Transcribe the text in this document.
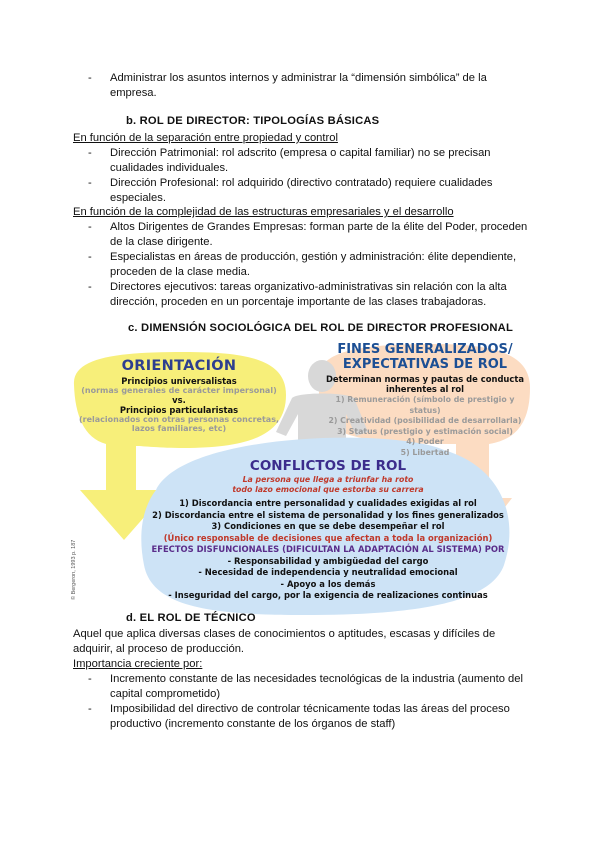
- Administrar los asuntos internos y administrar la “dimensión simbólica” de la
empresa.
b. ROL DE DIRECTOR: TIPOLOGÍAS BÁSICAS
En función de la separación entre propiedad y control
- Dirección Patrimonial: rol adscrito (empresa o capital familiar) no se precisan
cualidades individuales.
- Dirección Profesional: rol adquirido (directivo contratado) requiere cualidades
especiales.
En función de la complejidad de las estructuras empresariales y el desarrollo
- Altos Dirigentes de Grandes Empresas: forman parte de la élite del Poder, proceden
de la clase dirigente.
- Especialistas en áreas de producción, gestión y administración: élite dependiente,
proceden de la clase media.
- Directores ejecutivos: tareas organizativo-administrativas sin relación con la alta
dirección, proceden en un porcentaje importante de las clases trabajadoras.
c. DIMENSIÓN SOCIOLÓGICA DEL ROL DE DIRECTOR PROFESIONAL
ORIENTACIÓN
Principios universalistas
(normas generales de carácter impersonal)
vs.
Principios particularistas
(relacionados con otras personas concretas,
lazos familiares, etc)
FINES GENERALIZADOS/
EXPECTATIVAS DE ROL
Determinan normas y pautas de conducta
inherentes al rol
1) Remuneración (símbolo de prestigio y status)
2) Creatividad (posibilidad de desarrollarla)
3) Status (prestigio y estimación social)
4) Poder
5) Libertad
CONFLICTOS DE ROL
La persona que llega a triunfar ha roto
todo lazo emocional que estorba su carrera
1) Discordancia entre personalidad y cualidades exigidas al rol
2) Discordancia entre el sistema de personalidad y los fines generalizados
3) Condiciones en que se debe desempeñar el rol
(Único responsable de decisiones que afectan a toda la organización)
EFECTOS DISFUNCIONALES (DIFICULTAN LA ADAPTACIÓN AL SISTEMA) POR
- Responsabilidad y ambigüedad del cargo
- Necesidad de independencia y neutralidad emocional
- Apoyo a los demás
- Inseguridad del cargo, por la exigencia de realizaciones continuas
© Bergeron, 1993 p. 187
d. EL ROL DE TÉCNICO
Aquel que aplica diversas clases de conocimientos o aptitudes, escasas y difíciles de
adquirir, al proceso de producción.
Importancia creciente por:
- Incremento constante de las necesidades tecnológicas de la industria (aumento del
capital comprometido)
- Imposibilidad del directivo de controlar técnicamente todas las áreas del proceso
productivo (incremento constante de los órganos de staff)
